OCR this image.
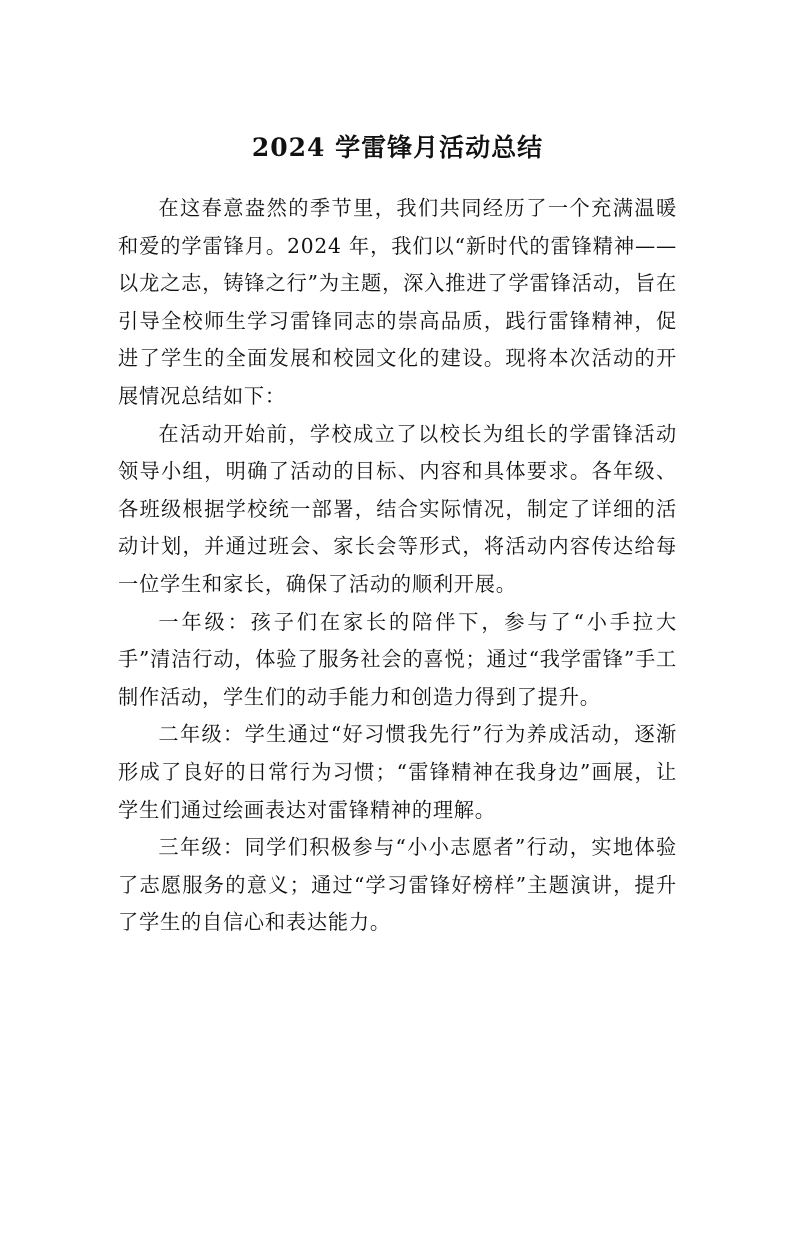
2024 学雷锋月活动总结

在这春意盎然的季节里，我们共同经历了一个充满温暖和爱的学雷锋月。2024 年，我们以“新时代的雷锋精神——以龙之志，铸锋之行”为主题，深入推进了学雷锋活动，旨在引导全校师生学习雷锋同志的崇高品质，践行雷锋精神，促进了学生的全面发展和校园文化的建设。现将本次活动的开展情况总结如下：

在活动开始前，学校成立了以校长为组长的学雷锋活动领导小组，明确了活动的目标、内容和具体要求。各年级、各班级根据学校统一部署，结合实际情况，制定了详细的活动计划，并通过班会、家长会等形式，将活动内容传达给每一位学生和家长，确保了活动的顺利开展。

一年级：孩子们在家长的陪伴下，参与了“小手拉大手”清洁行动，体验了服务社会的喜悦；通过“我学雷锋”手工制作活动，学生们的动手能力和创造力得到了提升。

二年级：学生通过“好习惯我先行”行为养成活动，逐渐形成了良好的日常行为习惯；“雷锋精神在我身边”画展，让学生们通过绘画表达对雷锋精神的理解。

三年级：同学们积极参与“小小志愿者”行动，实地体验了志愿服务的意义；通过“学习雷锋好榜样”主题演讲，提升了学生的自信心和表达能力。
